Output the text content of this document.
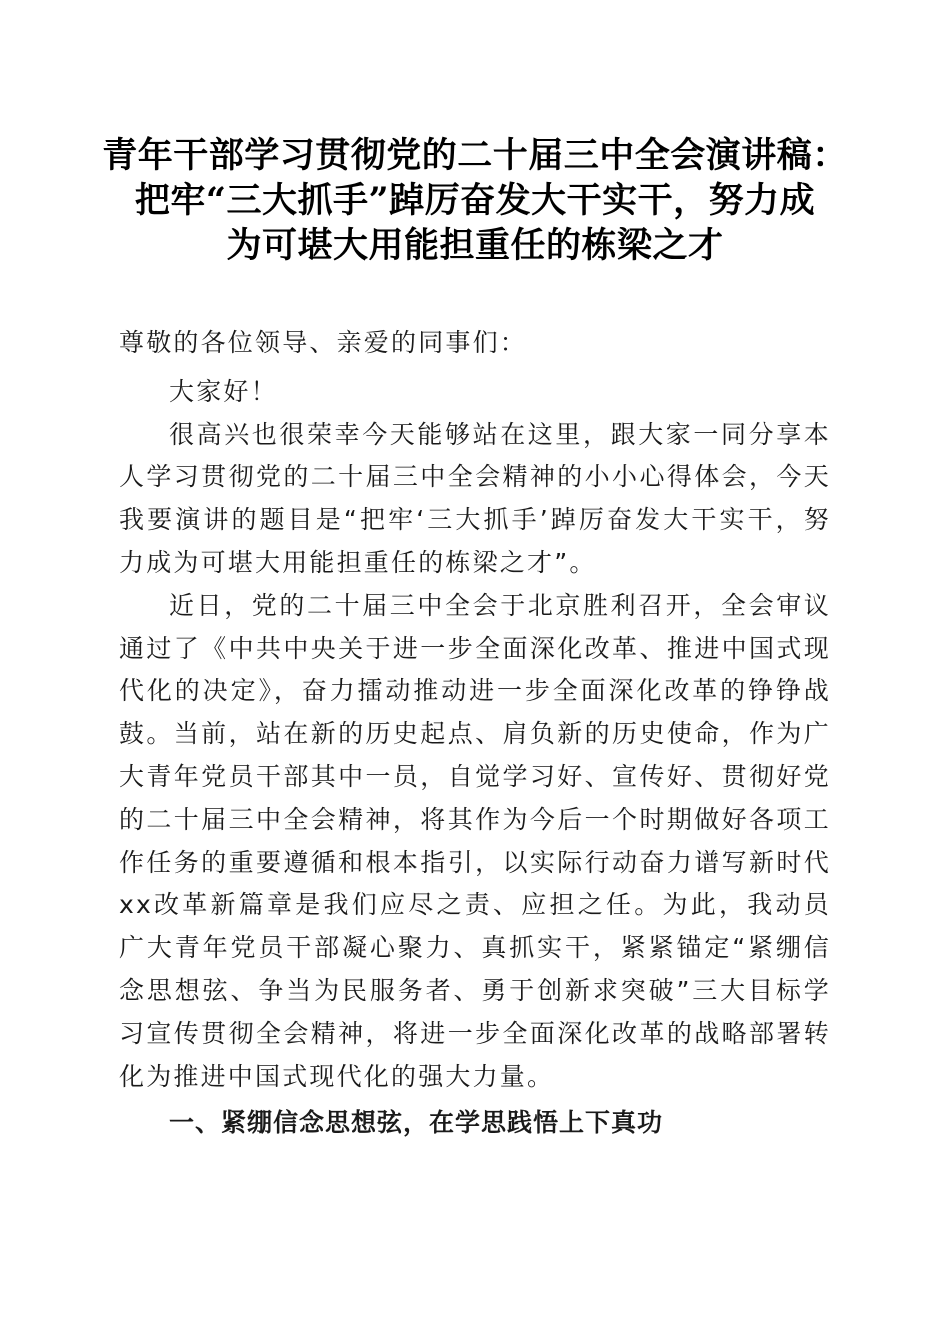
青年干部学习贯彻党的二十届三中全会演讲稿：
把牢“三大抓手”踔厉奋发大干实干，努力成
为可堪大用能担重任的栋梁之才

尊敬的各位领导、亲爱的同事们：

大家好！

很高兴也很荣幸今天能够站在这里，跟大家一同分享本人学习贯彻党的二十届三中全会精神的小小心得体会，今天我要演讲的题目是“把牢‘三大抓手’踔厉奋发大干实干，努力成为可堪大用能担重任的栋梁之才”。

近日，党的二十届三中全会于北京胜利召开，全会审议通过了《中共中央关于进一步全面深化改革、推进中国式现代化的决定》，奋力擂动推动进一步全面深化改革的铮铮战鼓。当前，站在新的历史起点、肩负新的历史使命，作为广大青年党员干部其中一员，自觉学习好、宣传好、贯彻好党的二十届三中全会精神，将其作为今后一个时期做好各项工作任务的重要遵循和根本指引，以实际行动奋力谱写新时代xx改革新篇章是我们应尽之责、应担之任。为此，我动员广大青年党员干部凝心聚力、真抓实干，紧紧锚定“紧绷信念思想弦、争当为民服务者、勇于创新求突破”三大目标学习宣传贯彻全会精神，将进一步全面深化改革的战略部署转化为推进中国式现代化的强大力量。

一、紧绷信念思想弦，在学思践悟上下真功
